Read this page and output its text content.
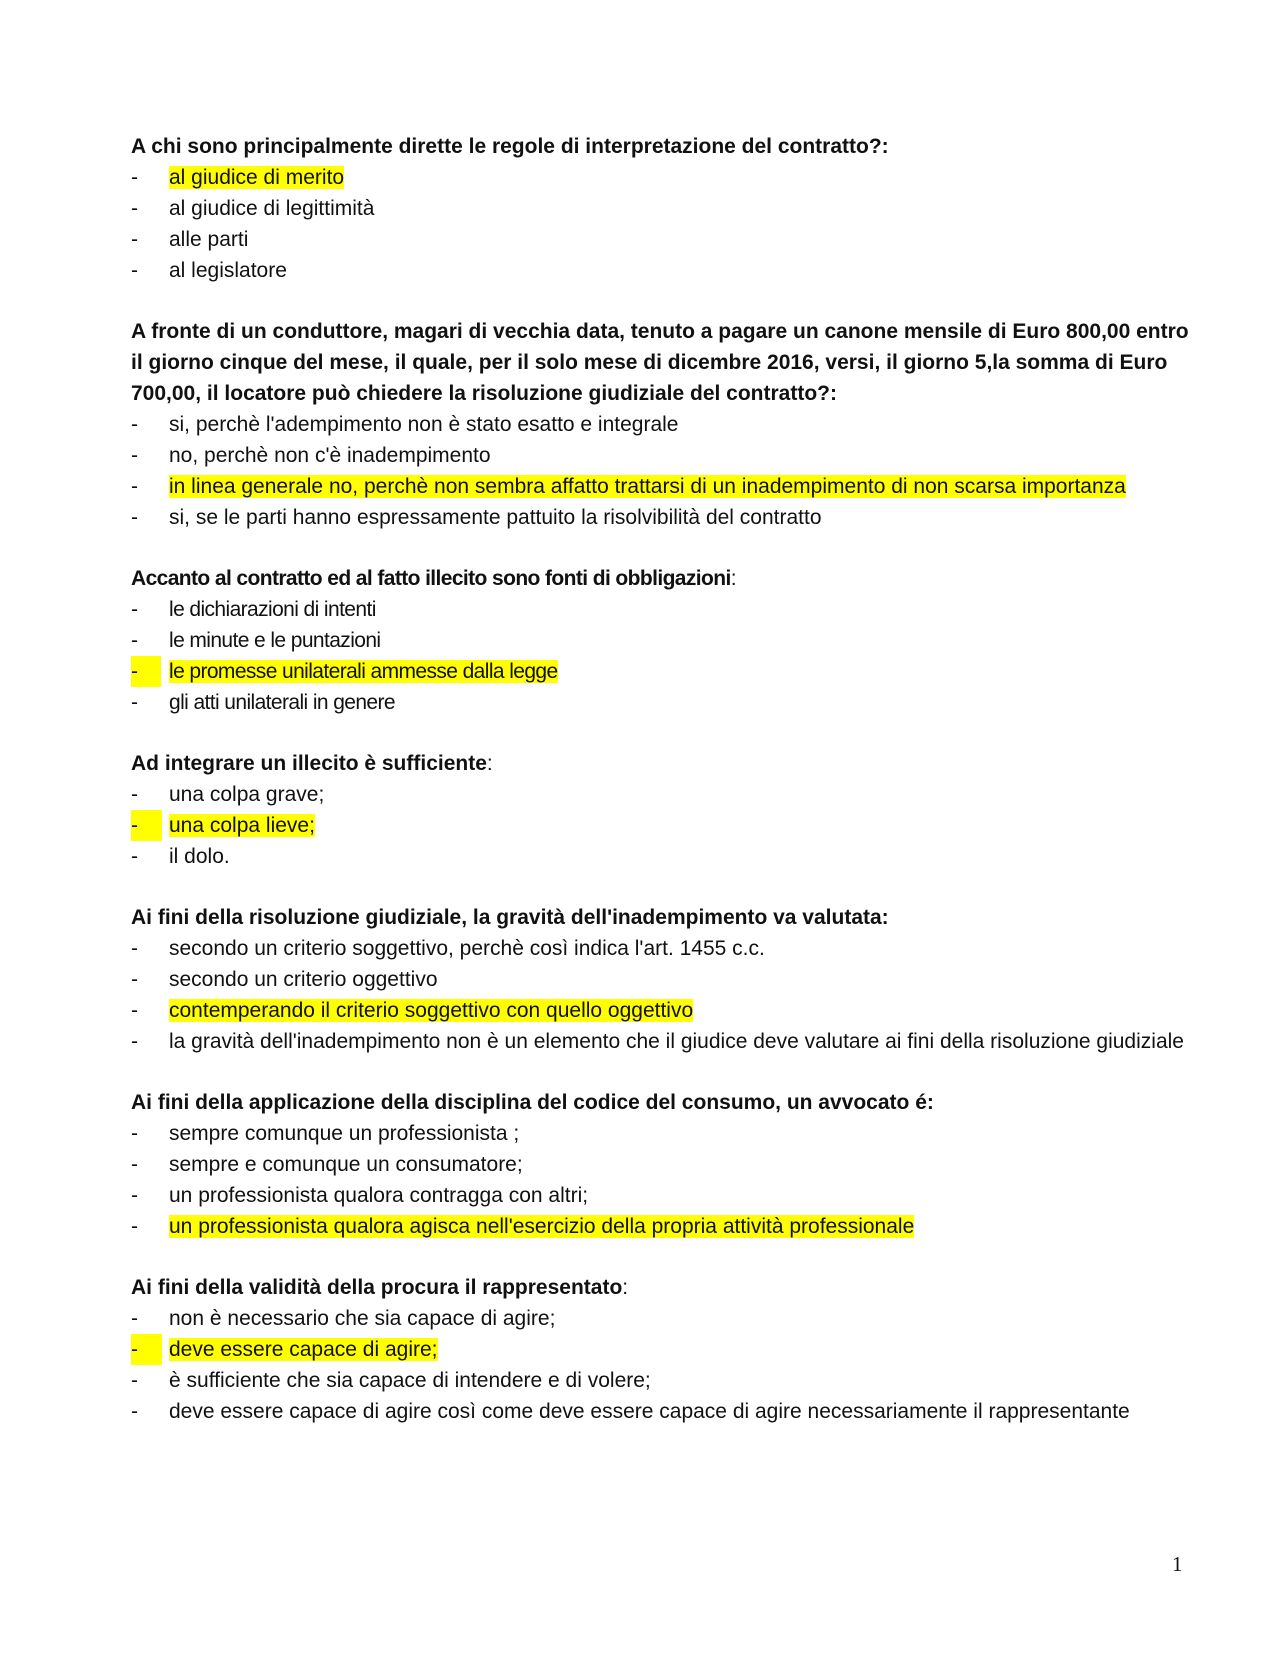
A chi sono principalmente dirette le regole di interpretazione del contratto?:

-	al giudice di merito
-	al giudice di legittimità
-	alle parti
-	al legislatore

A fronte di un conduttore, magari di vecchia data, tenuto a pagare un canone mensile di Euro 800,00 entro il giorno cinque del mese, il quale, per il solo mese di dicembre 2016, versi, il giorno 5,la somma di Euro 700,00, il locatore può chiedere la risoluzione giudiziale del contratto?:

-	si, perchè l'adempimento non è stato esatto e integrale
-	no, perchè non c'è inadempimento
-	in linea generale no, perchè non sembra affatto trattarsi di un inadempimento di non scarsa importanza
-	si, se le parti hanno espressamente pattuito la risolvibilità del contratto

Accanto al contratto ed al fatto illecito sono fonti di obbligazioni:

-	le dichiarazioni di intenti
-	le minute e le puntazioni
-	le promesse unilaterali ammesse dalla legge
-	gli atti unilaterali in genere

Ad integrare un illecito è sufficiente:

-	una colpa grave;
-	una colpa lieve;
-	il dolo.

Ai fini della risoluzione giudiziale, la gravità dell'inadempimento va valutata:

-	secondo un criterio soggettivo, perchè così indica l'art. 1455 c.c.
-	secondo un criterio oggettivo
-	contemperando il criterio soggettivo con quello oggettivo
-	la gravità dell'inadempimento non è un elemento che il giudice deve valutare ai fini della risoluzione giudiziale

Ai fini della applicazione della disciplina del codice del consumo, un avvocato é:

-	sempre comunque un professionista ;
-	sempre e comunque un consumatore;
-	un professionista qualora contragga con altri;
-	un professionista qualora agisca nell'esercizio della propria attività professionale

Ai fini della validità della procura il rappresentato:

-	non è necessario che sia capace di agire;
-	deve essere capace di agire;
-	è sufficiente che sia capace di intendere e di volere;
-	deve essere capace di agire così come deve essere capace di agire necessariamente il rappresentante
1
